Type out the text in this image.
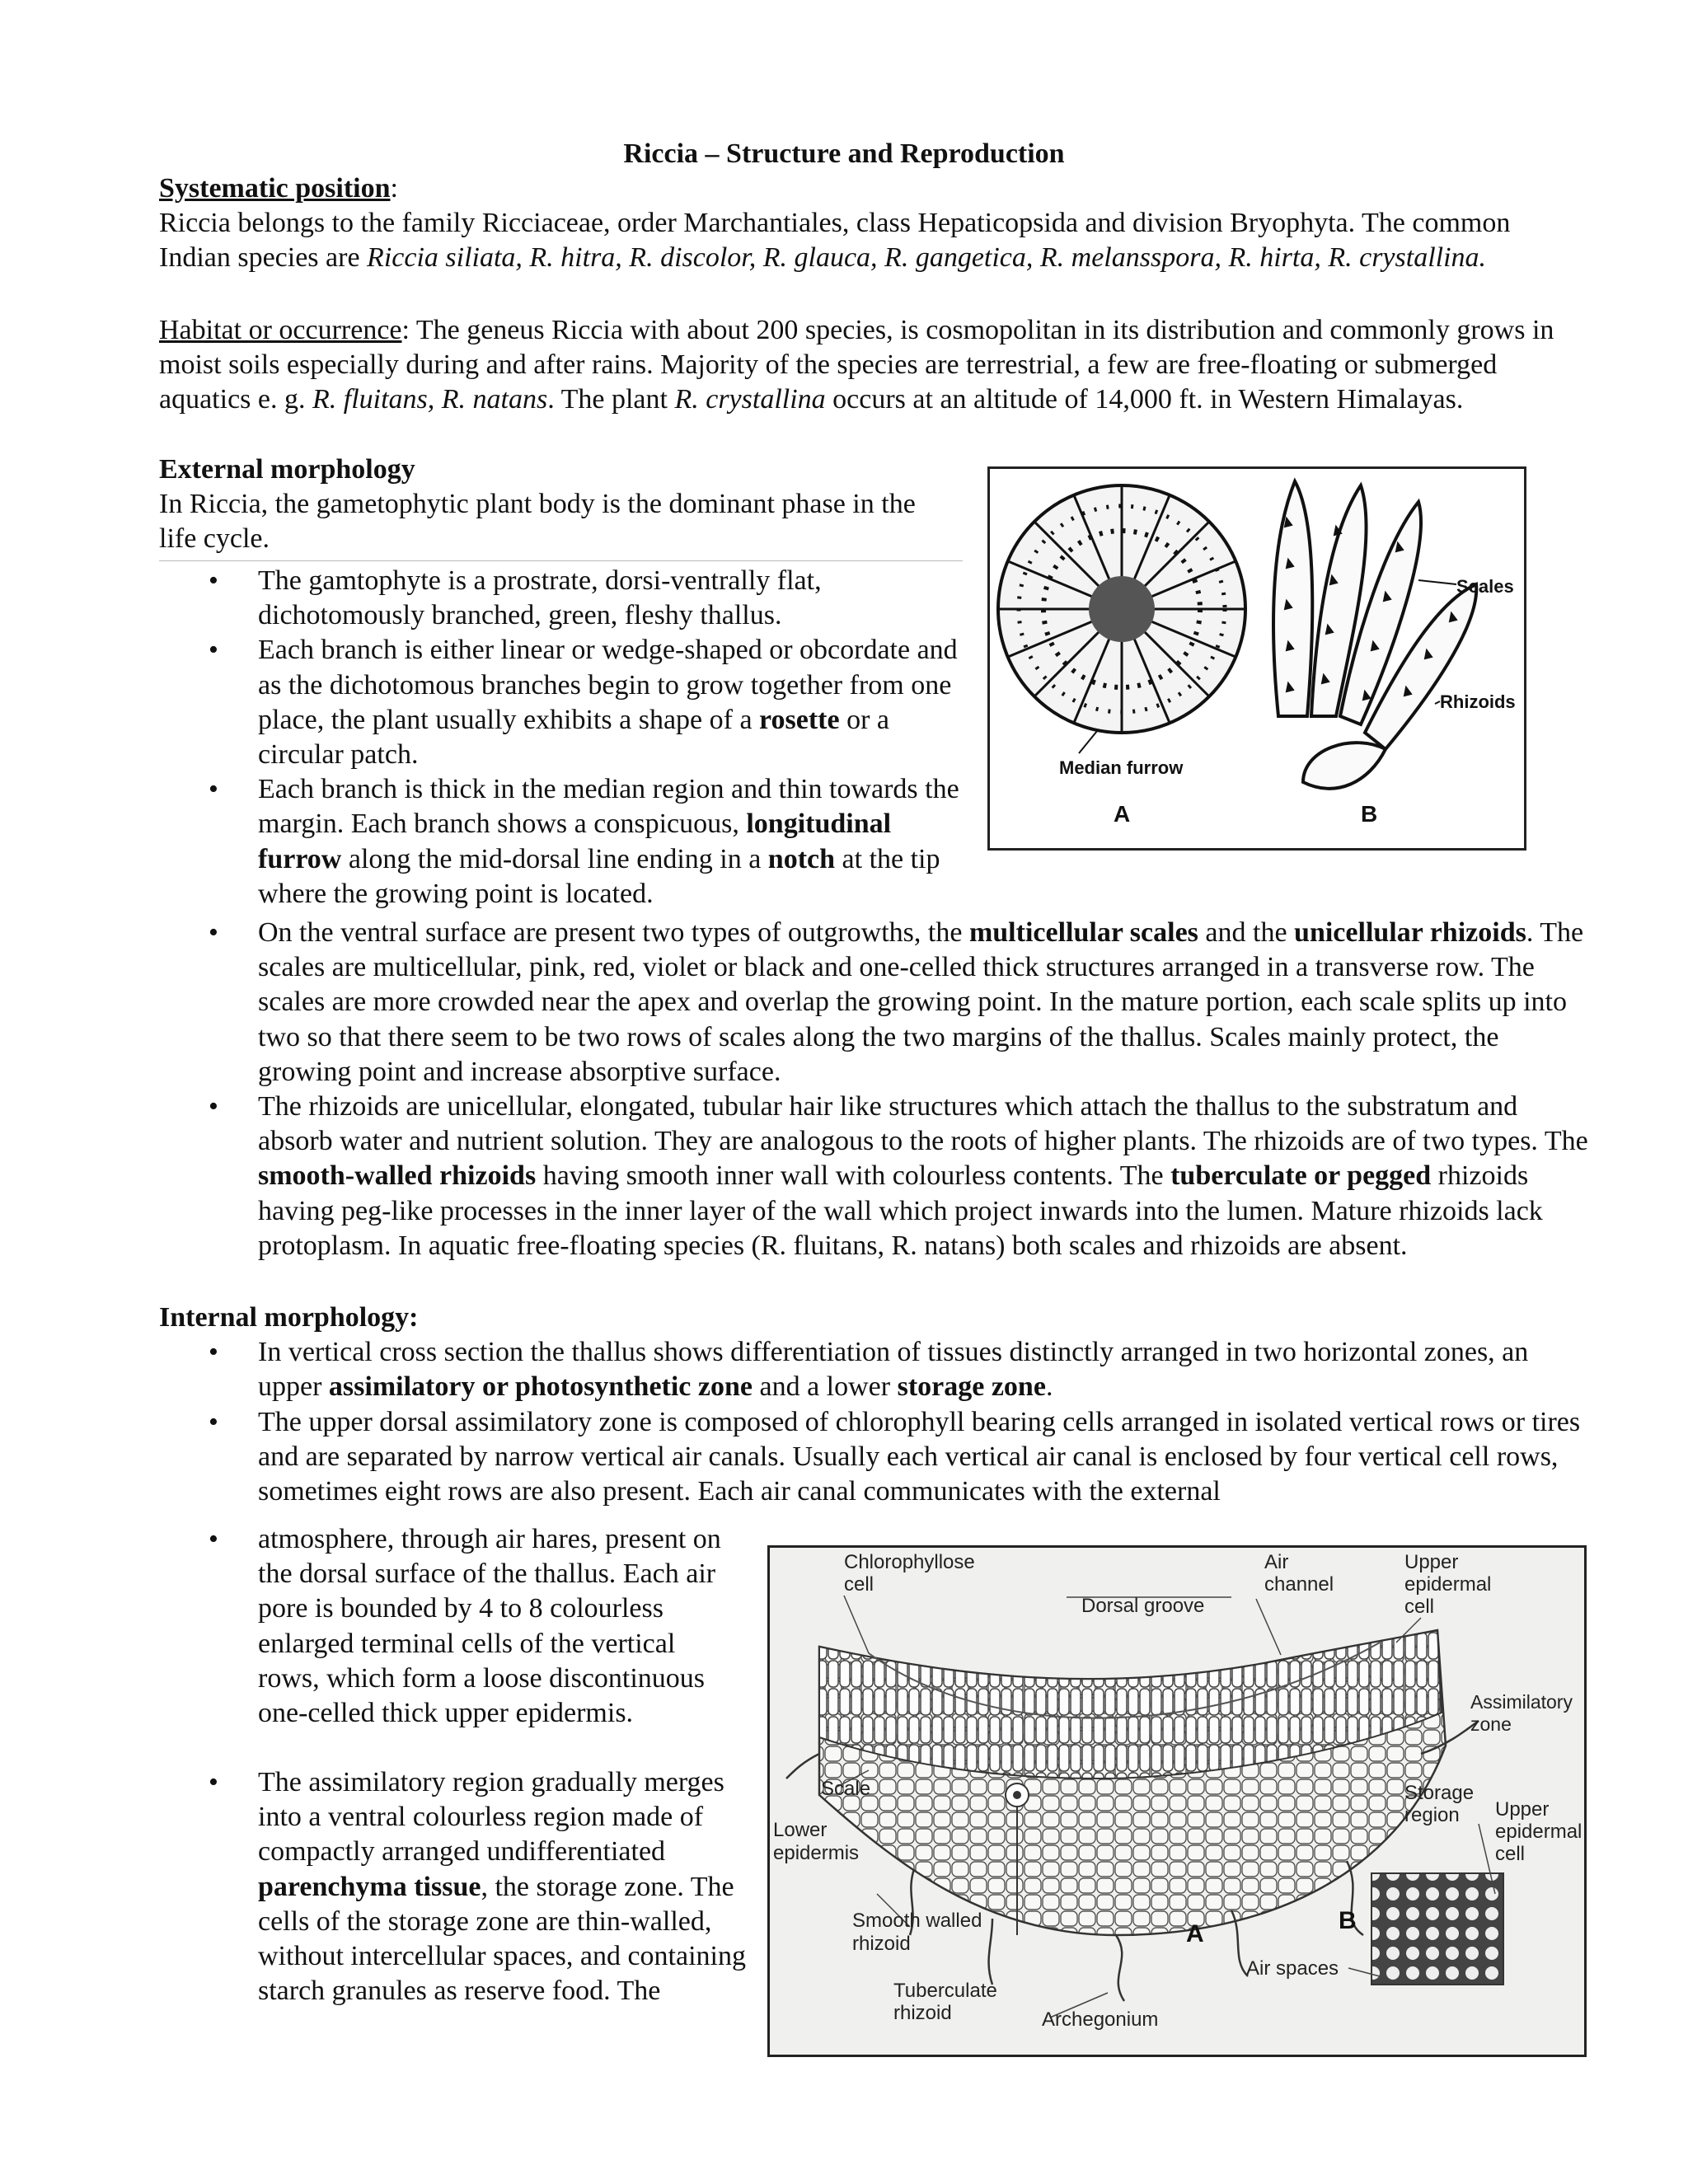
Riccia – Structure and Reproduction
Systematic position:
Riccia belongs to the family Ricciaceae, order Marchantiales, class Hepaticopsida and division Bryophyta. The common Indian species are Riccia siliata, R. hitra, R. discolor, R. glauca, R. gangetica, R. melansspora, R. hirta, R. crystallina.
Habitat or occurrence: The geneus Riccia with about 200 species, is cosmopolitan in its distribution and commonly grows in moist soils especially during and after rains. Majority of the species are terrestrial, a few are free-floating or submerged aquatics e. g. R. fluitans, R. natans. The plant R. crystallina occurs at an altitude of 14,000 ft. in Western Himalayas.
External morphology
In Riccia, the gametophytic plant body is the dominant phase in the life cycle.
• The gamtophyte is a prostrate, dorsi-ventrally flat, dichotomously branched, green, fleshy thallus.
• Each branch is either linear or wedge-shaped or obcordate and as the dichotomous branches begin to grow together from one place, the plant usually exhibits a shape of a rosette or a circular patch.
• Each branch is thick in the median region and thin towards the margin. Each branch shows a conspicuous, longitudinal furrow along the mid-dorsal line ending in a notch at the tip where the growing point is located.
• On the ventral surface are present two types of outgrowths, the multicellular scales and the unicellular rhizoids. The scales are multicellular, pink, red, violet or black and one-celled thick structures arranged in a transverse row. The scales are more crowded near the apex and overlap the growing point. In the mature portion, each scale splits up into two so that there seem to be two rows of scales along the two margins of the thallus. Scales mainly protect, the growing point and increase absorptive surface.
• The rhizoids are unicellular, elongated, tubular hair like structures which attach the thallus to the substratum and absorb water and nutrient solution. They are analogous to the roots of higher plants. The rhizoids are of two types. The smooth-walled rhizoids having smooth inner wall with colourless contents. The tuberculate or pegged rhizoids having peg-like processes in the inner layer of the wall which project inwards into the lumen. Mature rhizoids lack protoplasm. In aquatic free-floating species (R. fluitans, R. natans) both scales and rhizoids are absent.
Internal morphology:
• In vertical cross section the thallus shows differentiation of tissues distinctly arranged in two horizontal zones, an upper assimilatory or photosynthetic zone and a lower storage zone.
• The upper dorsal assimilatory zone is composed of chlorophyll bearing cells arranged in isolated vertical rows or tires and are separated by narrow vertical air canals. Usually each vertical air canal is enclosed by four vertical cell rows, sometimes eight rows are also present. Each air canal communicates with the external
• atmosphere, through air hares, present on the dorsal surface of the thallus. Each air pore is bounded by 4 to 8 colourless enlarged terminal cells of the vertical rows, which form a loose discontinuous one-celled thick upper epidermis.
• The assimilatory region gradually merges into a ventral colourless region made of compactly arranged undifferentiated parenchyma tissue, the storage zone. The cells of the storage zone are thin-walled, without intercellular spaces, and containing starch granules as reserve food. The
Scales
Rhizoids
Median furrow
A	B
Chlorophyllose
cell
Dorsal groove
Air
channel
Upper
epidermal
cell
Assimilatory
zone
Storage
region Upper
epidermal
cell
Scale
Lower
epidermis
Smooth walled
rhizoid
Tuberculate
rhizoid	Archegonium
Air spaces
A	B
